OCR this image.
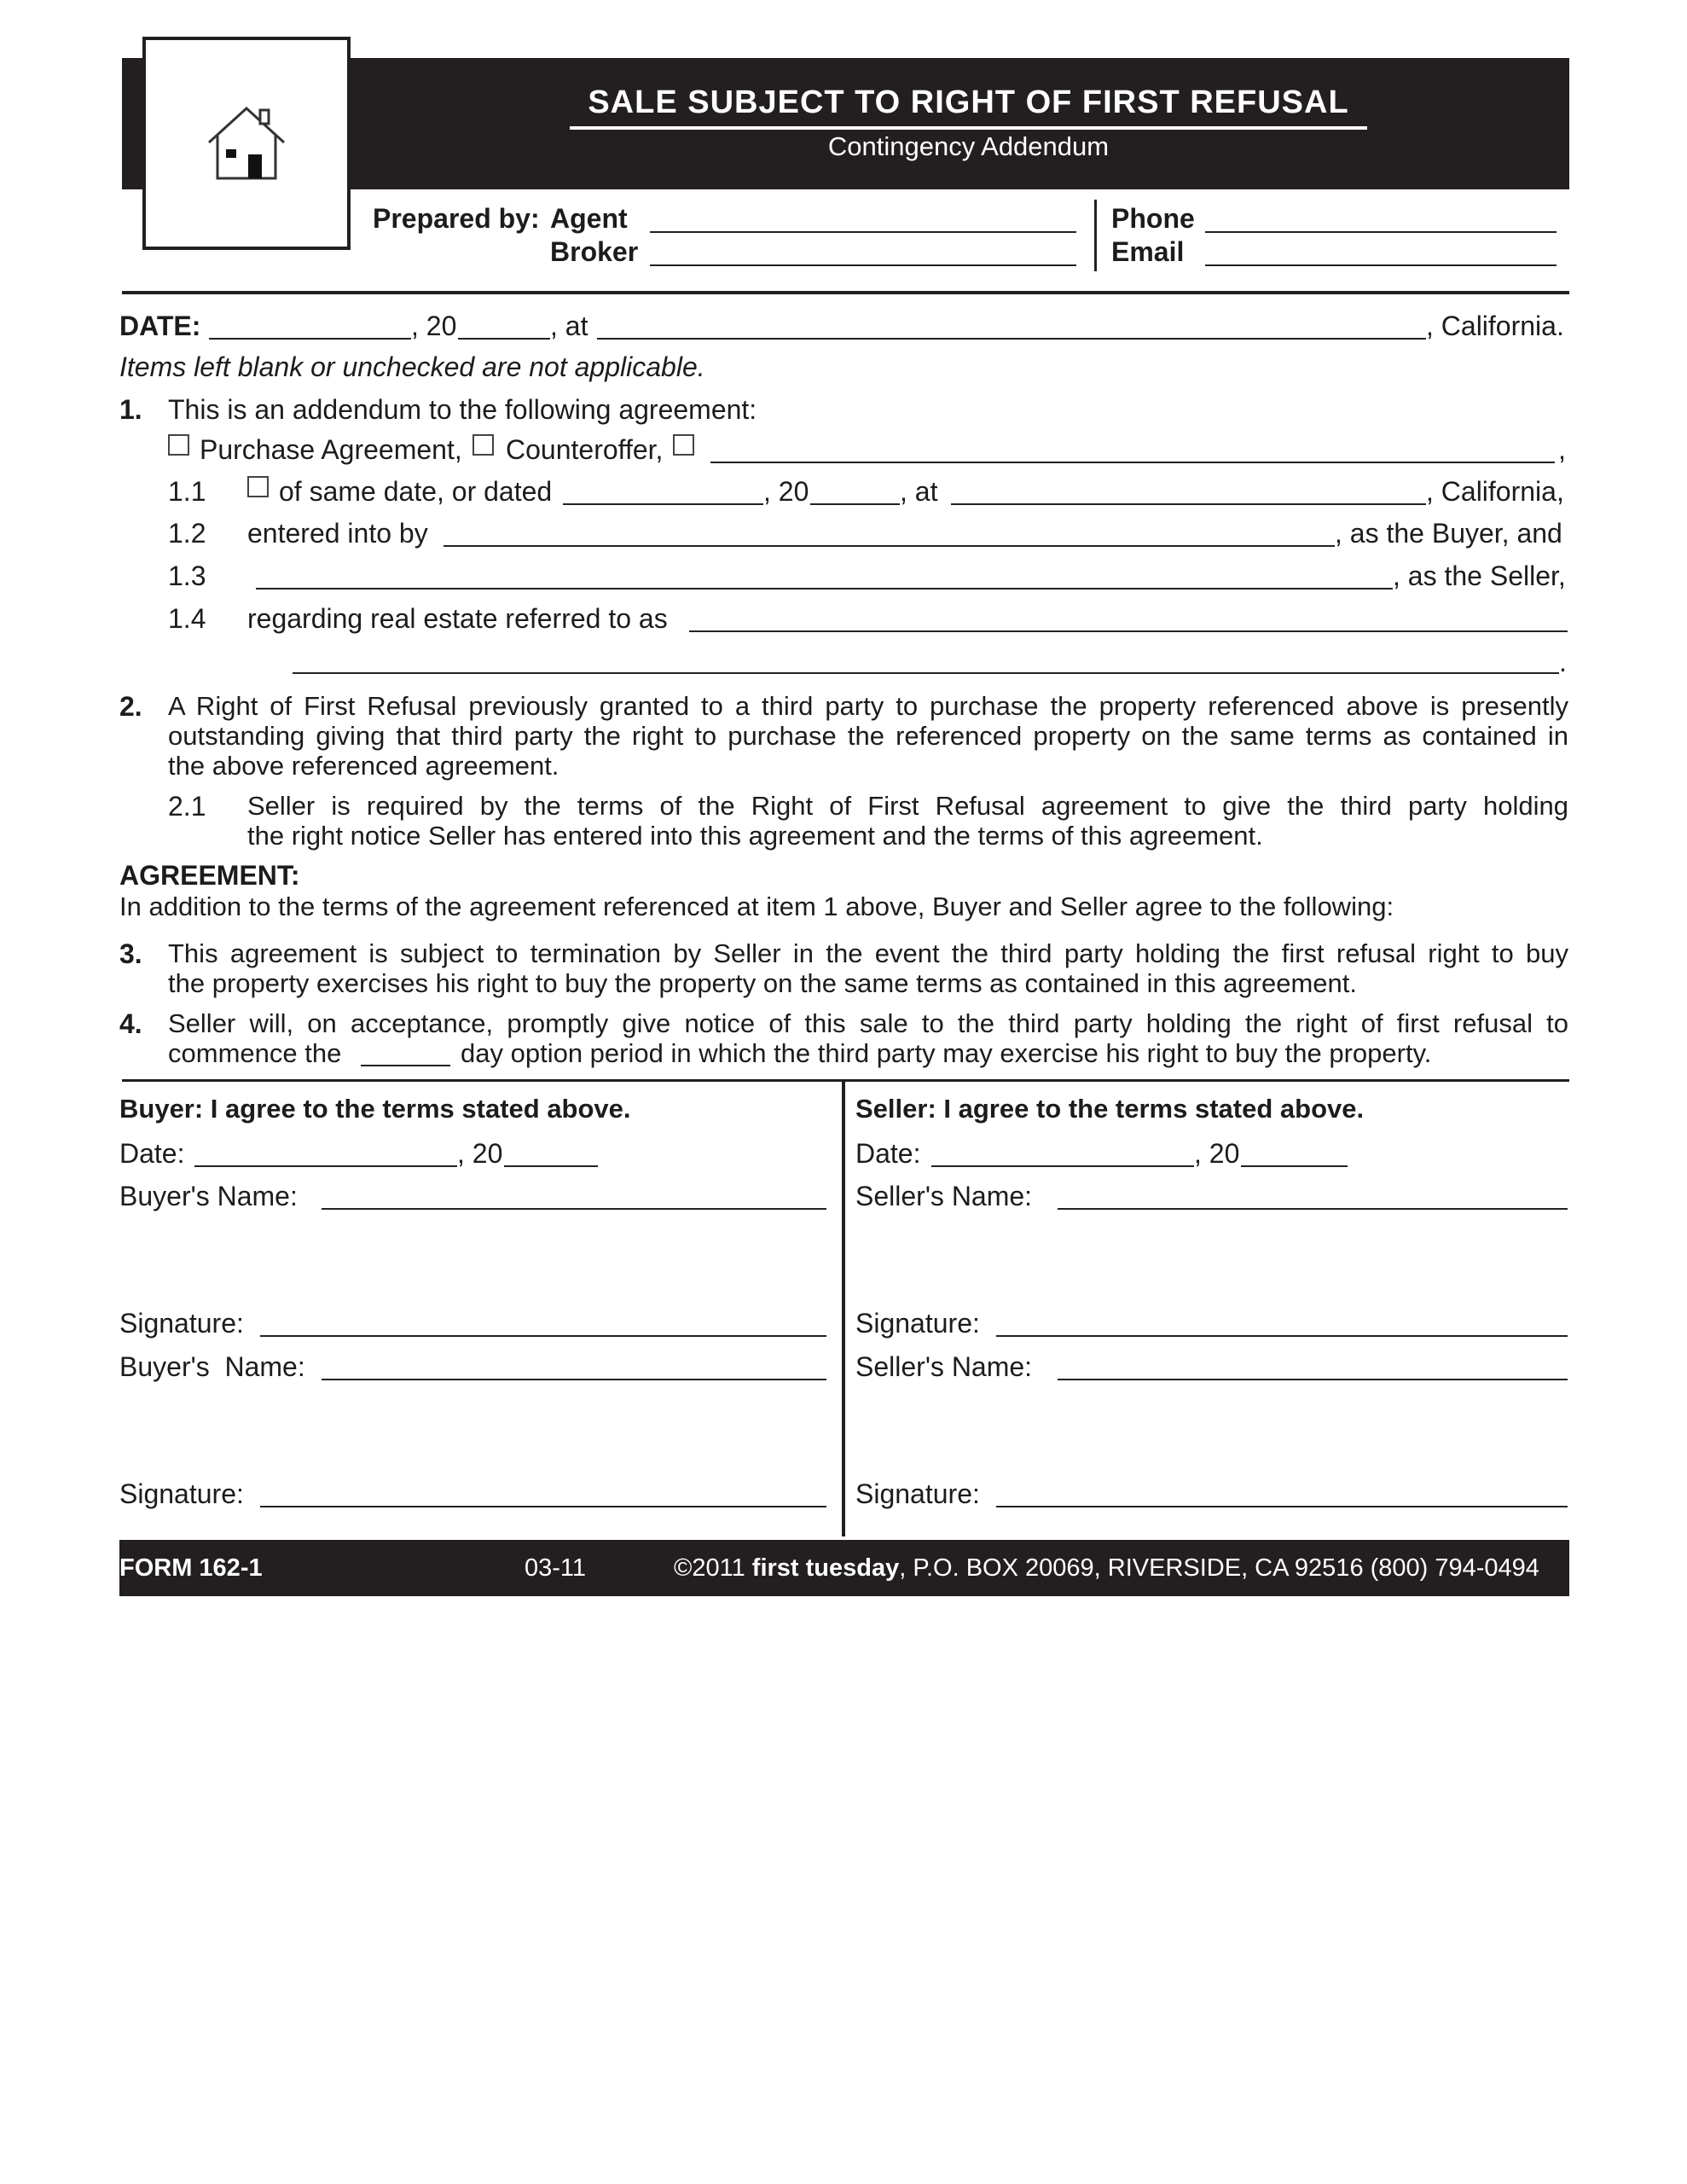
SALE SUBJECT TO RIGHT OF FIRST REFUSAL
Contingency Addendum
Prepared by: Agent
Broker
Phone
Email
DATE:	, 20	, at	, California.
Items left blank or unchecked are not applicable.
1. This is an addendum to the following agreement:
Purchase Agreement, Counteroffer,	,
1.1	of same date, or dated	, 20	, at	, California,
1.2 entered into by	, as the Buyer, and
1.3	, as the Seller,
1.4 regarding real estate referred to as
.
2. A Right of First Refusal previously granted to a third party to purchase the property referenced above is presently
outstanding giving that third party the right to purchase the referenced property on the same terms as contained in
the above referenced agreement.
2.1 Seller is required by the terms of the Right of First Refusal agreement to give the third party holding
the right notice Seller has entered into this agreement and the terms of this agreement.
AGREEMENT:
In addition to the terms of the agreement referenced at item 1 above, Buyer and Seller agree to the following:
3. This agreement is subject to termination by Seller in the event the third party holding the first refusal right to buy
the property exercises his right to buy the property on the same terms as contained in this agreement.
4. Seller will, on acceptance, promptly give notice of this sale to the third party holding the right of first refusal to
commence the	day option period in which the third party may exercise his right to buy the property.
Buyer: I agree to the terms stated above.
Date:	, 20
Buyer's Name:
Signature:
Buyer's  Name:
Signature:
Seller: I agree to the terms stated above.
Date:	, 20
Seller's Name:
Signature:
Seller's Name:
Signature:
FORM 162-1	03-11	©2011 first tuesday, P.O. BOX 20069, RIVERSIDE, CA 92516 (800) 794-0494
